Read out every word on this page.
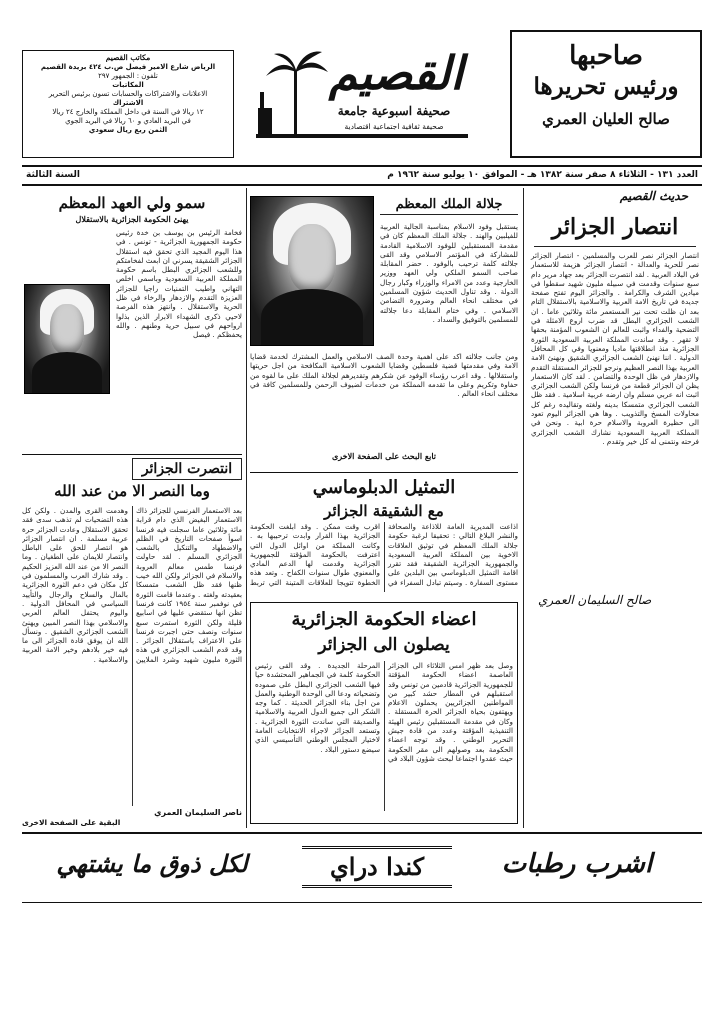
صاحبها
ورئيس تحريرها
صالح العليان العمري
القصيم
صحيفة اسبوعية جامعة
صحيفة ثقافية اجتماعية اقتصادية
مكاتب القصيم
الرياض شارع الامير فيصل ص.ب ٤٢٤ بريدة القصيم
تلفون : الجمهور ٢٩٧
المكاتبات
الاعلانات والاشتراكات والحسابات تسون برئيس التحرير
الاشتراك
١٢ ريالا في السنة في داخل المملكة والخارج ٢٤ ريالا
في البريد العادي و ٦٠ ريالا في البريد الجوي
الثمن ربع ريال سعودي
العدد ١٣١ - الثلاثاء ٨ صفر سنة ١٣٨٢ هـ - الموافق ١٠ يوليو سنة ١٩٦٢ م
السنة الثالثة
حديث القصيم
انتصار الجزائر
انتصار الجزائر نصر للعرب والمسلمين - انتصار الجزائر نصر للحرية والعدالة - انتصار الجزائر هزيمة للاستعمار في البلاد العربية . لقد انتصرت الجزائر بعد جهاد مرير دام سبع سنوات وقدمت في سبيله مليون شهيد سقطوا في ميادين الشرف والكرامة . والجزائر اليوم تفتح صفحة جديدة في تاريخ الامة العربية والاسلامية بالاستقلال التام بعد ان ظلت تحت نير المستعمر مائة وثلاثين عاما . ان الشعب الجزائري البطل قد ضرب اروع الامثلة في التضحية والفداء واثبت للعالم ان الشعوب المؤمنة بحقها لا تقهر . وقد ساندت المملكة العربية السعودية الثورة الجزائرية منذ انطلاقتها ماديا ومعنويا وفي كل المحافل الدولية . اننا نهنئ الشعب الجزائري الشقيق ونهنئ الامة العربية بهذا النصر العظيم ونرجو للجزائر المستقلة التقدم والازدهار في ظل الوحدة والتضامن . لقد كان الاستعمار يظن ان الجزائر قطعة من فرنسا ولكن الشعب الجزائري اثبت انه عربي مسلم وان ارضه عربية اسلامية . فقد ظل الشعب الجزائري متمسكا بدينه ولغته وتقاليده رغم كل محاولات المسخ والتذويب . وها هي الجزائر اليوم تعود الى حظيرة العروبة والاسلام حرة ابية . ونحن في المملكة العربية السعودية نشارك الشعب الجزائري فرحته ونتمنى له كل خير وتقدم .
جلالة الملك المعظم
يستقبل وفود الاسلام بمناسبة الجالية العربية للفيلبين والهند . جلالة الملك المعظم كان في مقدمة المستقبلين للوفود الاسلامية القادمة للمشاركة في المؤتمر الاسلامي وقد القى جلالته كلمة ترحيب بالوفود . حضر المقابلة صاحب السمو الملكي ولي العهد ووزير الخارجية وعدد من الامراء والوزراء وكبار رجال الدولة . وقد تناول الحديث شؤون المسلمين في مختلف انحاء العالم وضرورة التضامن الاسلامي . وفي ختام المقابلة دعا جلالته للمسلمين بالتوفيق والسداد .
ومن جانب جلالته اكد على اهمية وحدة الصف الاسلامي والعمل المشترك لخدمة قضايا الامة وفي مقدمتها قضية فلسطين وقضايا الشعوب الاسلامية المكافحة من اجل حريتها واستقلالها . وقد اعرب رؤساء الوفود عن شكرهم وتقديرهم لجلالة الملك على ما لقوه من حفاوة وتكريم وعلى ما تقدمه المملكة من خدمات لضيوف الرحمن وللمسلمين كافة في مختلف انحاء العالم .
تابع البحث على الصفحة الاخرى
التمثيل الدبلوماسي
مع الشقيقة الجزائر
اذاعت المديرية العامة للاذاعة والصحافة والنشر البلاغ التالي : تحقيقا لرغبة حكومة جلالة الملك المعظم في توثيق العلاقات الاخوية بين المملكة العربية السعودية والجمهورية الجزائرية الشقيقة فقد تقرر اقامة التمثيل الدبلوماسي بين البلدين على مستوى السفارة . وسيتم تبادل السفراء في اقرب وقت ممكن . وقد ابلغت الحكومة الجزائرية بهذا القرار وابدت ترحيبها به . وكانت المملكة من اوائل الدول التي اعترفت بالحكومة المؤقتة للجمهورية الجزائرية وقدمت لها الدعم المادي والمعنوي طوال سنوات الكفاح . وتعد هذه الخطوة تتويجا للعلاقات المتينة التي تربط
سمو ولي العهد المعظم
يهنئ الحكومة الجزائرية بالاستقلال
فخامة الرئيس بن يوسف بن خدة رئيس حكومة الجمهورية الجزائرية - تونس . في هذا اليوم المجيد الذي تحقق فيه استقلال الجزائر الشقيقة يسرني ان ابعث لفخامتكم وللشعب الجزائري البطل باسم حكومة المملكة العربية السعودية وباسمي اخلص التهاني واطيب التمنيات راجيا للجزائر العزيزة التقدم والازدهار والرخاء في ظل الحرية والاستقلال . وانتهز هذه الفرصة لاحيي ذكرى الشهداء الابرار الذين بذلوا ارواحهم في سبيل حرية وطنهم . والله يحفظكم . فيصل
انتصرت الجزائر
وما النصر الا من عند الله
بعد الاستعمار الفرنسي للجزائر ذاك الاستعمار البغيض الذي دام قرابة مائة وثلاثين عاما سجلت فيه فرنسا اسوأ صفحات التاريخ في الظلم والاضطهاد والتنكيل بالشعب الجزائري المسلم . لقد حاولت فرنسا طمس معالم العروبة والاسلام في الجزائر ولكن الله خيب ظنها فقد ظل الشعب متمسكا بعقيدته ولغته . وعندما قامت الثورة في نوفمبر سنة ١٩٥٤ كانت فرنسا تظن انها ستقضي عليها في اسابيع قليلة ولكن الثورة استمرت سبع سنوات ونصف حتى اجبرت فرنسا على الاعتراف باستقلال الجزائر . وقد قدم الشعب الجزائري في هذه الثورة مليون شهيد وشرد الملايين وهدمت القرى والمدن . ولكن كل هذه التضحيات لم تذهب سدى فقد تحقق الاستقلال وعادت الجزائر حرة عربية مسلمة . ان انتصار الجزائر هو انتصار للحق على الباطل وانتصار للايمان على الطغيان . وما النصر الا من عند الله العزيز الحكيم . وقد شارك العرب والمسلمون في كل مكان في دعم الثورة الجزائرية بالمال والسلاح والرجال والتأييد السياسي في المحافل الدولية . واليوم يحتفل العالم العربي والاسلامي بهذا النصر المبين ويهنئ الشعب الجزائري الشقيق . ونسأل الله ان يوفق قادة الجزائر الى ما فيه خير بلادهم وخير الامة العربية والاسلامية .
ناصر السليمان العمري
البقية على الصفحة الاخرى
صالح السليمان العمري
اعضاء الحكومة الجزائرية
يصلون الى الجزائر
وصل بعد ظهر امس الثلاثاء الى الجزائر العاصمة اعضاء الحكومة المؤقتة للجمهورية الجزائرية قادمين من تونس وقد استقبلهم في المطار حشد كبير من المواطنين الجزائريين يحملون الاعلام ويهتفون بحياة الجزائر الحرة المستقلة . وكان في مقدمة المستقبلين رئيس الهيئة التنفيذية المؤقتة وعدد من قادة جيش التحرير الوطني . وقد توجه اعضاء الحكومة بعد وصولهم الى مقر الحكومة حيث عقدوا اجتماعا لبحث شؤون البلاد في المرحلة الجديدة . وقد القى رئيس الحكومة كلمة في الجماهير المحتشدة حيا فيها الشعب الجزائري البطل على صموده وتضحياته ودعا الى الوحدة الوطنية والعمل من اجل بناء الجزائر الحديثة . كما وجه الشكر الى جميع الدول العربية والاسلامية والصديقة التي ساندت الثورة الجزائرية . وتستعد الجزائر لاجراء الانتخابات العامة لاختيار المجلس الوطني التأسيسي الذي سيضع دستور البلاد .
اشرب رطبات
كندا دراي
لكل ذوق ما يشتهي
